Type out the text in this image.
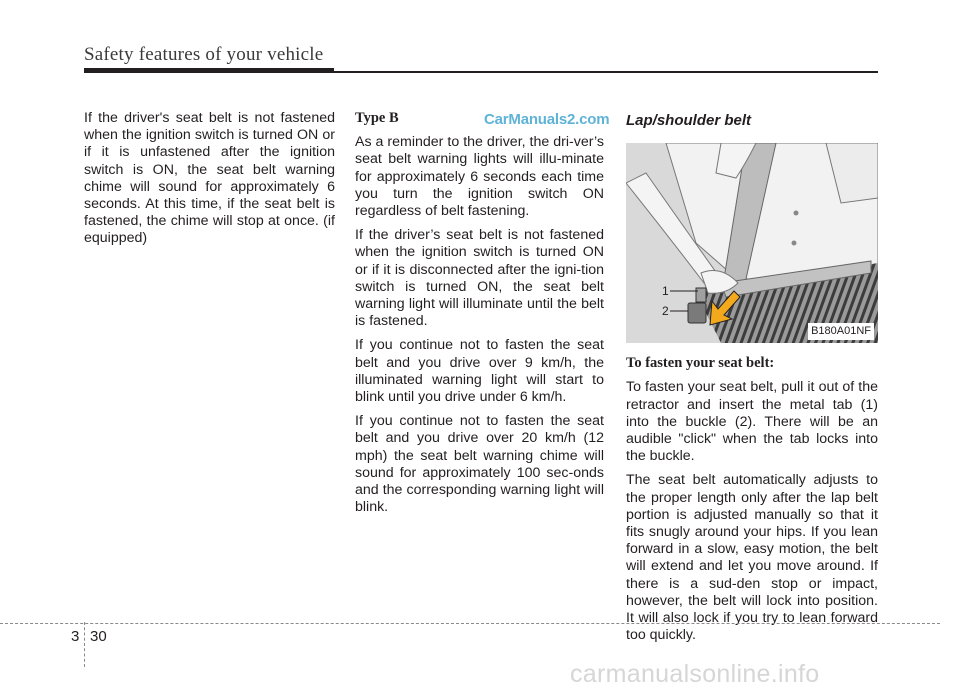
Safety features of your vehicle
CarManuals2.com

If the driver's seat belt is not fastened when the ignition switch is turned ON or if it is unfastened after the ignition switch is ON, the seat belt warning chime will sound for approximately 6 seconds. At this time, if the seat belt is fastened, the chime will stop at once. (if equipped)

Type B

As a reminder to the driver, the dri-ver’s seat belt warning lights will illu-minate for approximately 6 seconds each time you turn the ignition switch ON regardless of belt fastening.

If the driver’s seat belt is not fastened when the ignition switch is turned ON or if it is disconnected after the igni-tion switch is turned ON, the seat belt warning light will illuminate until the belt is fastened.

If you continue not to fasten the seat belt and you drive over 9 km/h, the illuminated warning light will start to blink until you drive under 6 km/h.

If you continue not to fasten the seat belt and you drive over 20 km/h (12 mph) the seat belt warning chime will sound for approximately 100 sec-onds and the corresponding warning light will blink.

Lap/shoulder belt
1
2
B180A01NF
To fasten your seat belt:

To fasten your seat belt, pull it out of the retractor and insert the metal tab (1) into the buckle (2). There will be an audible "click" when the tab locks into the buckle.

The seat belt automatically adjusts to the proper length only after the lap belt portion is adjusted manually so that it fits snugly around your hips. If you lean forward in a slow, easy motion, the belt will extend and let you move around. If there is a sud-den stop or impact, however, the belt will lock into position. It will also lock if you try to lean forward too quickly.

3 30
carmanualsonline.info
